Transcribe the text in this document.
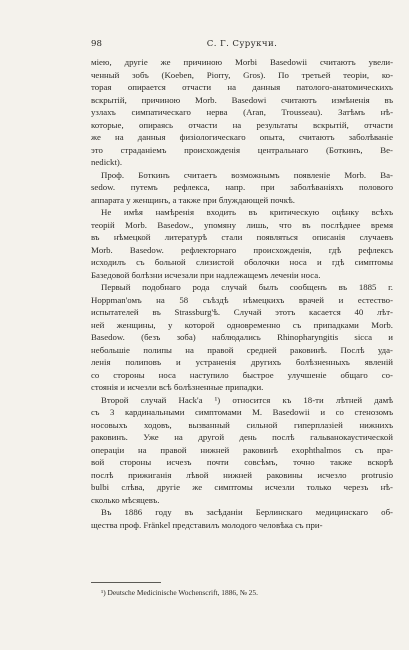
98	С. Г. Сурукчи.
міею, другіе же причиною Morbi Basedowii считаютъ увели-
ченный зобъ (Koeben, Piorry, Gros). По третьей теоріи, ко-
торая опирается отчасти на данныя патолого-анатомическихъ
вскрытій, причиною Morb. Basedowi считаютъ измѣненія въ
узлахъ симпатическаго нерва (Aran, Trousseau). Затѣмъ нѣ-
которые, опираясь отчасти на результаты вскрытій, отчасти
же на данныя физіологическаго опыта, считаютъ заболѣваніе
это страданіемъ происхожденія центральнаго (Боткинъ, Be-
nedickt).
Проф. Боткинъ считаетъ возможнымъ появленіе Morb. Ba-
sedow. путемъ рефлекса, напр. при заболѣваніяхъ полового
аппарата у женщинъ, а также при блуждающей почкѣ.
Не имѣя намѣренія входить въ критическую оцѣнку всѣхъ
теорій Morb. Basedow., упомяну лишь, что въ послѣднее время
въ нѣмецкой литературѣ стали появляться описанія случаевъ
Morb. Basedow. рефлекторнаго происхожденія, гдѣ рефлексъ
исходилъ съ больной слизистой оболочки носа и гдѣ симптомы
Базедовой болѣзни исчезали при надлежащемъ леченіи носа.
Первый подобнаго рода случай былъ сообщенъ въ 1885 г.
Hoppman'омъ на 58 съѣздѣ нѣмецкихъ врачей и естество-
испытателей въ Strassburg'ѣ. Случай этотъ касается 40 лѣт-
ней женщины, у которой одновременно съ припадками Morb.
Basedow. (безъ зоба) наблюдались Rhinopharyngitis sicca и
небольшіе полипы на правой средней раковинѣ. Послѣ уда-
ленія полиповъ и устраненія другихъ болѣзненныхъ явленій
со стороны носа наступило быстрое улучшеніе общаго со-
стоянія и исчезли всѣ болѣзненные припадки.
Второй случай Hack'a ¹) относится къ 18-ти лѣтней дамѣ
съ 3 кардинальными симптомами M. Basedowii и со стенозомъ
носовыхъ ходовъ, вызванный сильной гиперплазіей нижнихъ
раковинъ. Уже на другой день послѣ гальванокаустической
операціи на правой нижней раковинѣ exophthalmos съ пра-
вой стороны исчезъ почти совсѣмъ, точно также вскорѣ
послѣ прижиганія лѣвой нижней раковины исчезло protrusio
bulbi слѣва, другіе же симптомы исчезли только черезъ нѣ-
сколько мѣсяцевъ.
Въ 1886 году въ засѣданіи Берлинскаго медицинскаго об-
щества проф. Fränkel представилъ молодого человѣка съ при-
¹) Deutsche Medicinische Wochenscrift, 1886, № 25.
